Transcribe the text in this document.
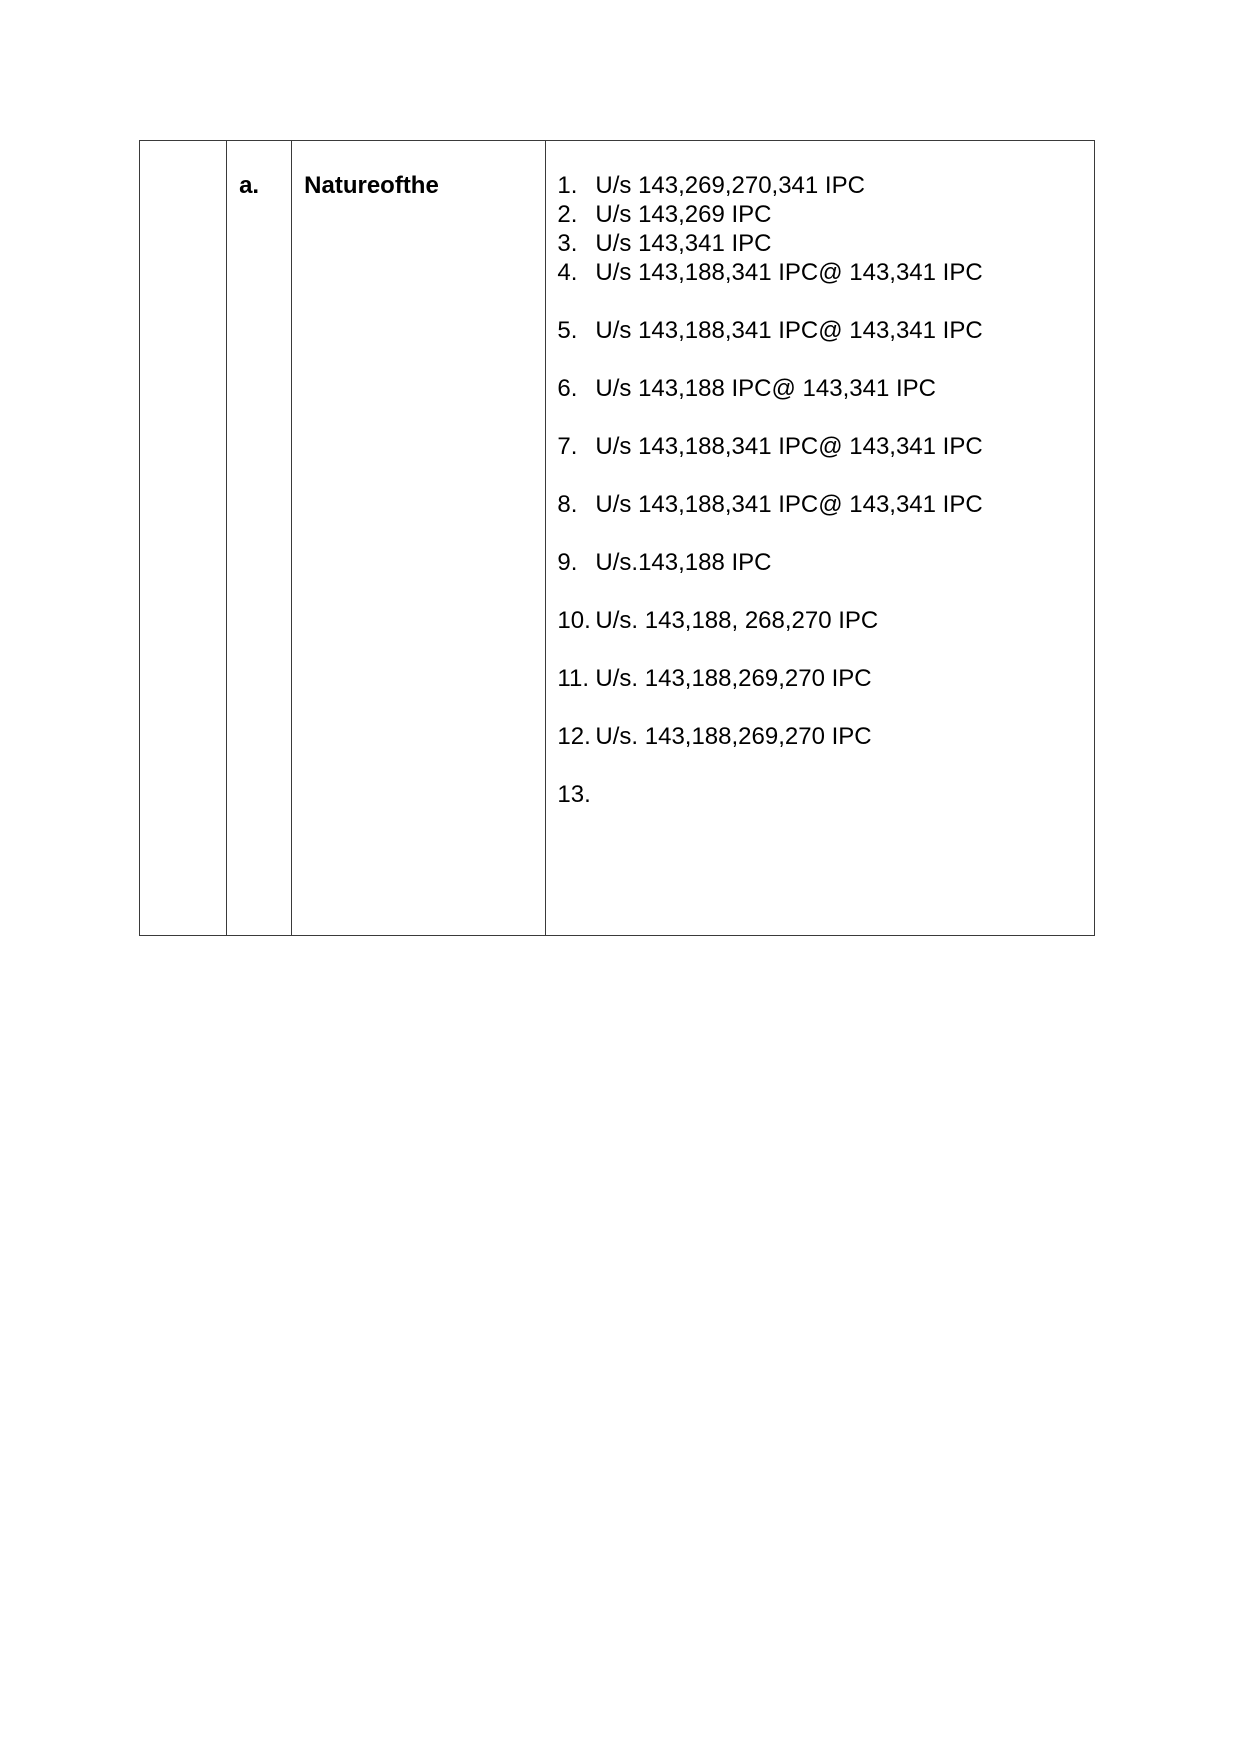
	a.	Natureofthe	1. U/s 143,269,270,341 IPC
2. U/s 143,269 IPC
3. U/s 143,341 IPC
4. U/s 143,188,341 IPC@ 143,341 IPC
5. U/s 143,188,341 IPC@ 143,341 IPC
6. U/s 143,188 IPC@ 143,341 IPC
7. U/s 143,188,341 IPC@ 143,341 IPC
8. U/s 143,188,341 IPC@ 143,341 IPC
9. U/s.143,188 IPC
10. U/s. 143,188, 268,270 IPC
11. U/s. 143,188,269,270 IPC
12. U/s. 143,188,269,270 IPC
13.
